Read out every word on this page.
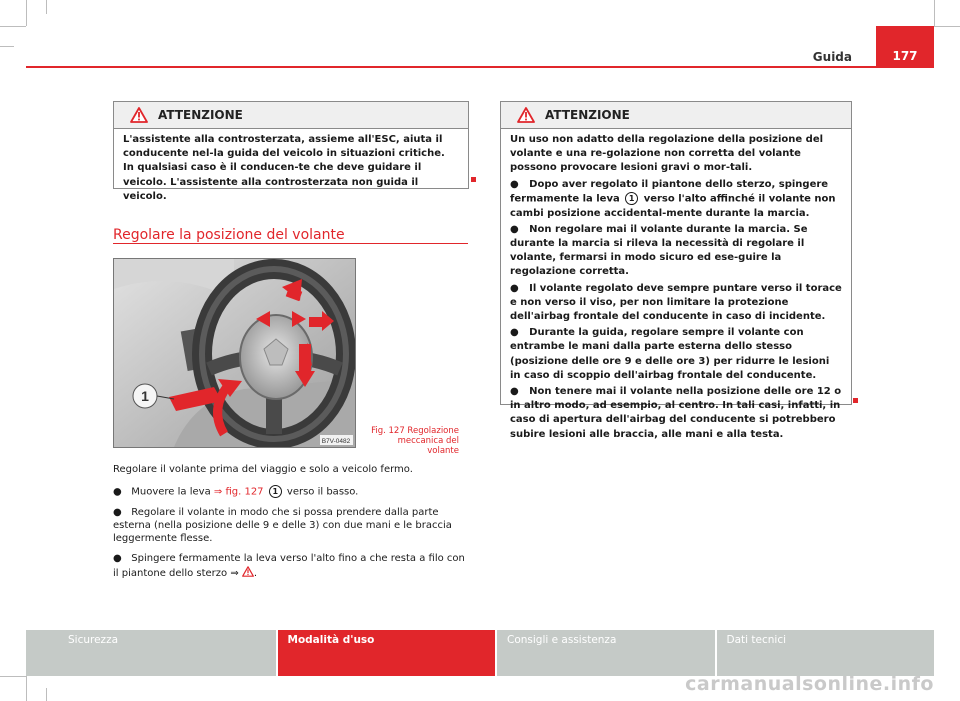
Guida	177
ATTENZIONE
L'assistente alla controsterzata, assieme all'ESC, aiuta il conducente nel-la guida del veicolo in situazioni critiche. In qualsiasi caso è il conducen-te che deve guidare il veicolo. L'assistente alla controsterzata non guida il veicolo.
Regolare la posizione del volante
1
B7V-0482
Fig. 127 Regolazione meccanica del volante

Regolare il volante prima del viaggio e solo a veicolo fermo.

●   Muovere la leva ⇒ fig. 127 1 verso il basso.

●   Regolare il volante in modo che si possa prendere dalla parte esterna (nella posizione delle 9 e delle 3) con due mani e le braccia leggermente flesse.

●   Spingere fermamente la leva verso l'alto fino a che resta a filo con il piantone dello sterzo ⇒ .

ATTENZIONE

Un uso non adatto della regolazione della posizione del volante e una re-golazione non corretta del volante possono provocare lesioni gravi o mor-tali.

●   Dopo aver regolato il piantone dello sterzo, spingere fermamente la leva 1 verso l'alto affinché il volante non cambi posizione accidental-mente durante la marcia.

●   Non regolare mai il volante durante la marcia. Se durante la marcia si rileva la necessità di regolare il volante, fermarsi in modo sicuro ed ese-guire la regolazione corretta.

●   Il volante regolato deve sempre puntare verso il torace e non verso il viso, per non limitare la protezione dell'airbag frontale del conducente in caso di incidente.

●   Durante la guida, regolare sempre il volante con entrambe le mani dalla parte esterna dello stesso (posizione delle ore 9 e delle ore 3) per ridurre le lesioni in caso di scoppio dell'airbag frontale del conducente.

●   Non tenere mai il volante nella posizione delle ore 12 o in altro modo, ad esempio, al centro. In tali casi, infatti, in caso di apertura dell'airbag del conducente si potrebbero subire lesioni alle braccia, alle mani e alla testa.

Sicurezza	Modalità d'uso	Consigli e assistenza	Dati tecnici
carmanualsonline.info
